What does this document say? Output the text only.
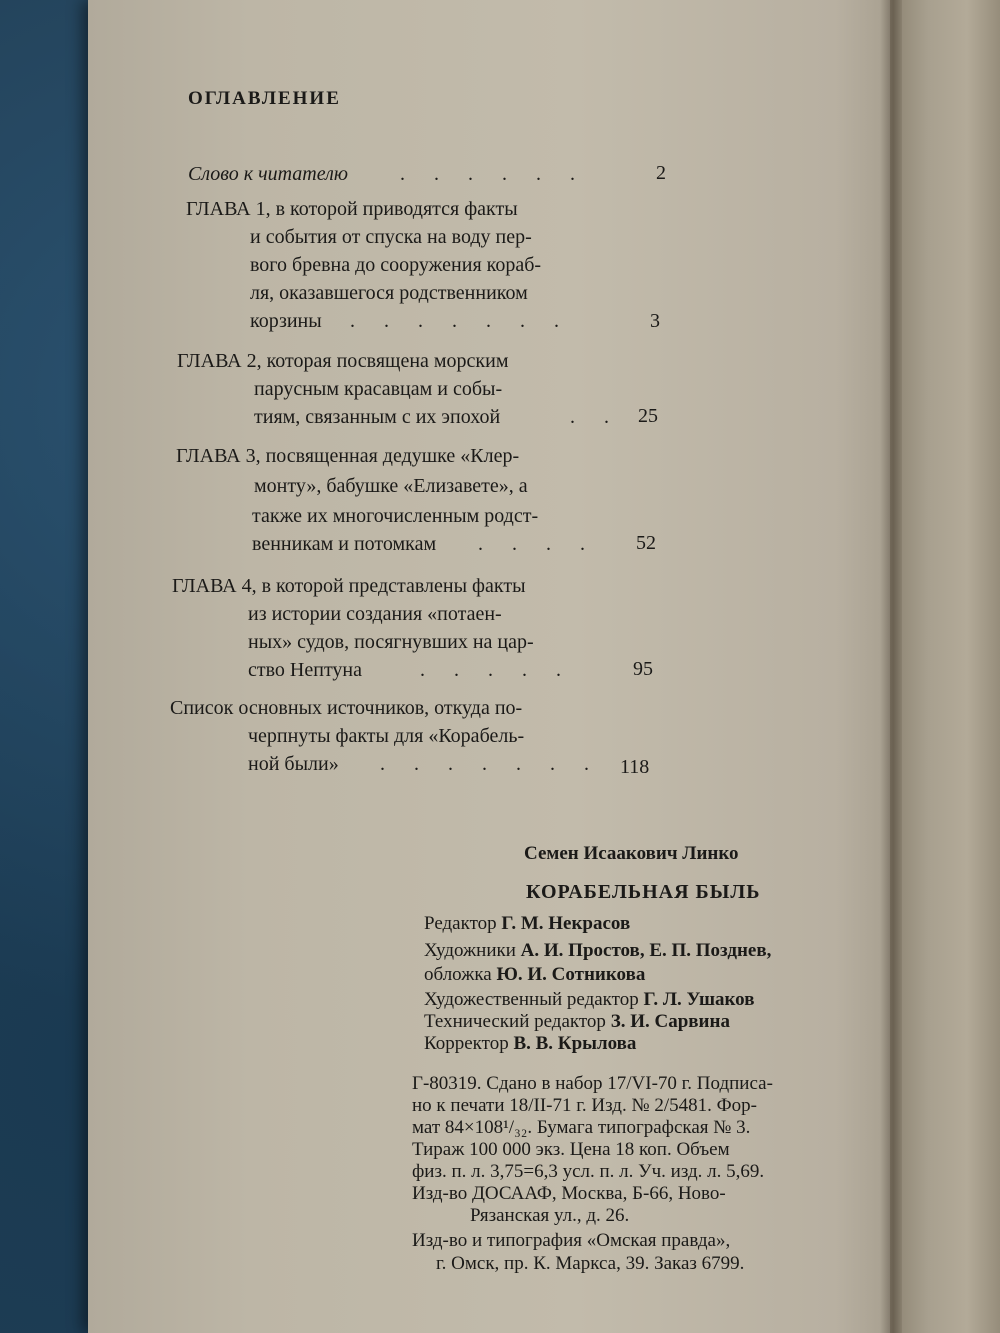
ОГЛАВЛЕНИЕ
Слово к читателю	. . . . . .	2
ГЛАВА 1, в которой приводятся факты
и события от спуска на воду пер-
вого бревна до сооружения кораб-
ля, оказавшегося родственником
корзины . . . . . . .	3
ГЛАВА 2, которая посвящена морским
парусным красавцам и собы-
тиям, связанным с их эпохой	. . 25
ГЛАВА 3, посвященная дедушке «Клер-
монту», бабушке «Елизавете», а
также их многочисленным родст-
венникам и потомкам . . . . 52
ГЛАВА 4, в которой представлены факты
из истории создания «потаен-
ных» судов, посягнувших на цар-
ство Нептуна	. . . . .	95
Список основных источников, откуда по-
черпнуты факты для «Корабель-
ной были» . . . . . . . 118
Семен Исаакович Линко
КОРАБЕЛЬНАЯ БЫЛЬ
Редактор Г. М. Некрасов
Художники А. И. Простов, Е. П. Позднев,
обложка Ю. И. Сотникова
Художественный редактор Г. Л. Ушаков
Технический редактор З. И. Сарвина
Корректор В. В. Крылова
Г-80319. Сдано в набор 17/VI-70 г. Подписа-
но к печати 18/II-71 г. Изд. № 2/5481. Фор-
мат 84×108¹/₃₂. Бумага типографская № 3.
Тираж 100 000 экз. Цена 18 коп. Объем
физ. п. л. 3,75=6,3 усл. п. л. Уч. изд. л. 5,69.
Изд-во ДОСААФ, Москва, Б-66, Ново-
Рязанская ул., д. 26.
Изд-во и типография «Омская правда»,
г. Омск, пр. К. Маркса, 39. Заказ 6799.
